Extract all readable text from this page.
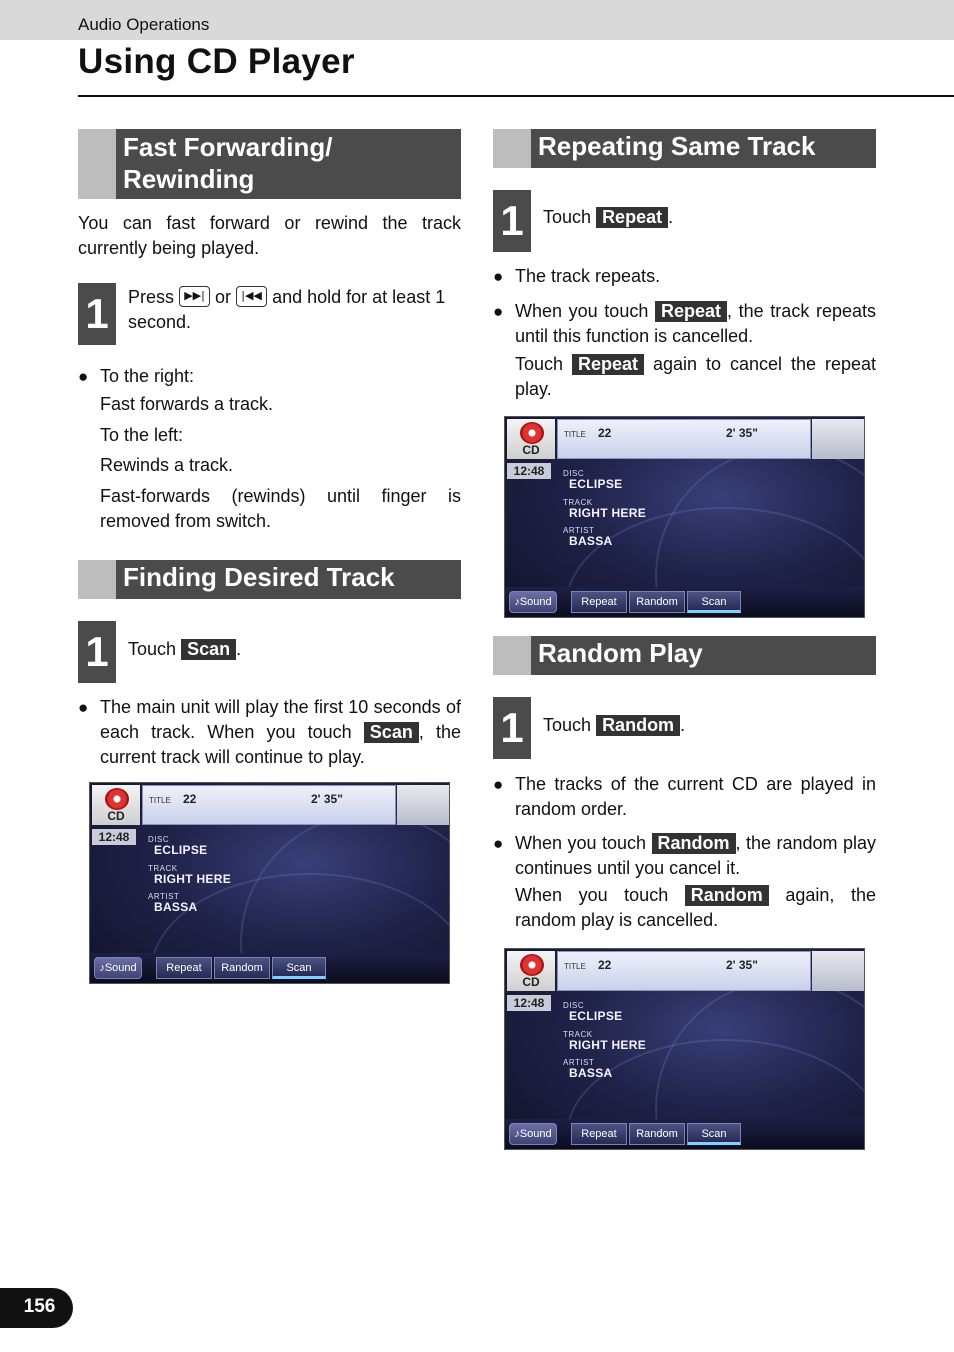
Audio Operations
Using CD Player
Fast Forwarding/
Rewinding
You can fast forward or rewind the track currently being played.
1	Press ▶▶| or |◀◀ and hold for at least 1
second.
●
To the right:
Fast forwards a track.
To the left:
Rewinds a track.
Fast-forwards (rewinds) until finger is removed from switch.
Finding Desired Track
1	Touch Scan .
●
The main unit will play the first 10 seconds of each track. When you touch Scan , the current track will continue to play.
CD
TITLE 22	2' 35"
12:48	DISC
ECLIPSE
TRACK
RIGHT HERE
ARTIST
BASSA
♪Sound	Repeat	Random	Scan
CD
TITLE 22	2' 35"
12:48	DISC
ECLIPSE
TRACK
RIGHT HERE
ARTIST
BASSA
♪Sound	Repeat	Random	Scan
CD
TITLE 22	2' 35"
12:48	DISC
ECLIPSE
TRACK
RIGHT HERE
ARTIST
BASSA
♪Sound	Repeat	Random	Scan
Repeating Same Track
1	Touch Repeat .
●
The track repeats.
●
When you touch Repeat , the track repeats until this function is cancelled.
Touch Repeat again to cancel the repeat play.
Random Play
1	Touch Random .
●
The tracks of the current CD are played in random order.
●
When you touch Random , the random play continues until you cancel it.
When you touch Random again, the random play is cancelled.
156
